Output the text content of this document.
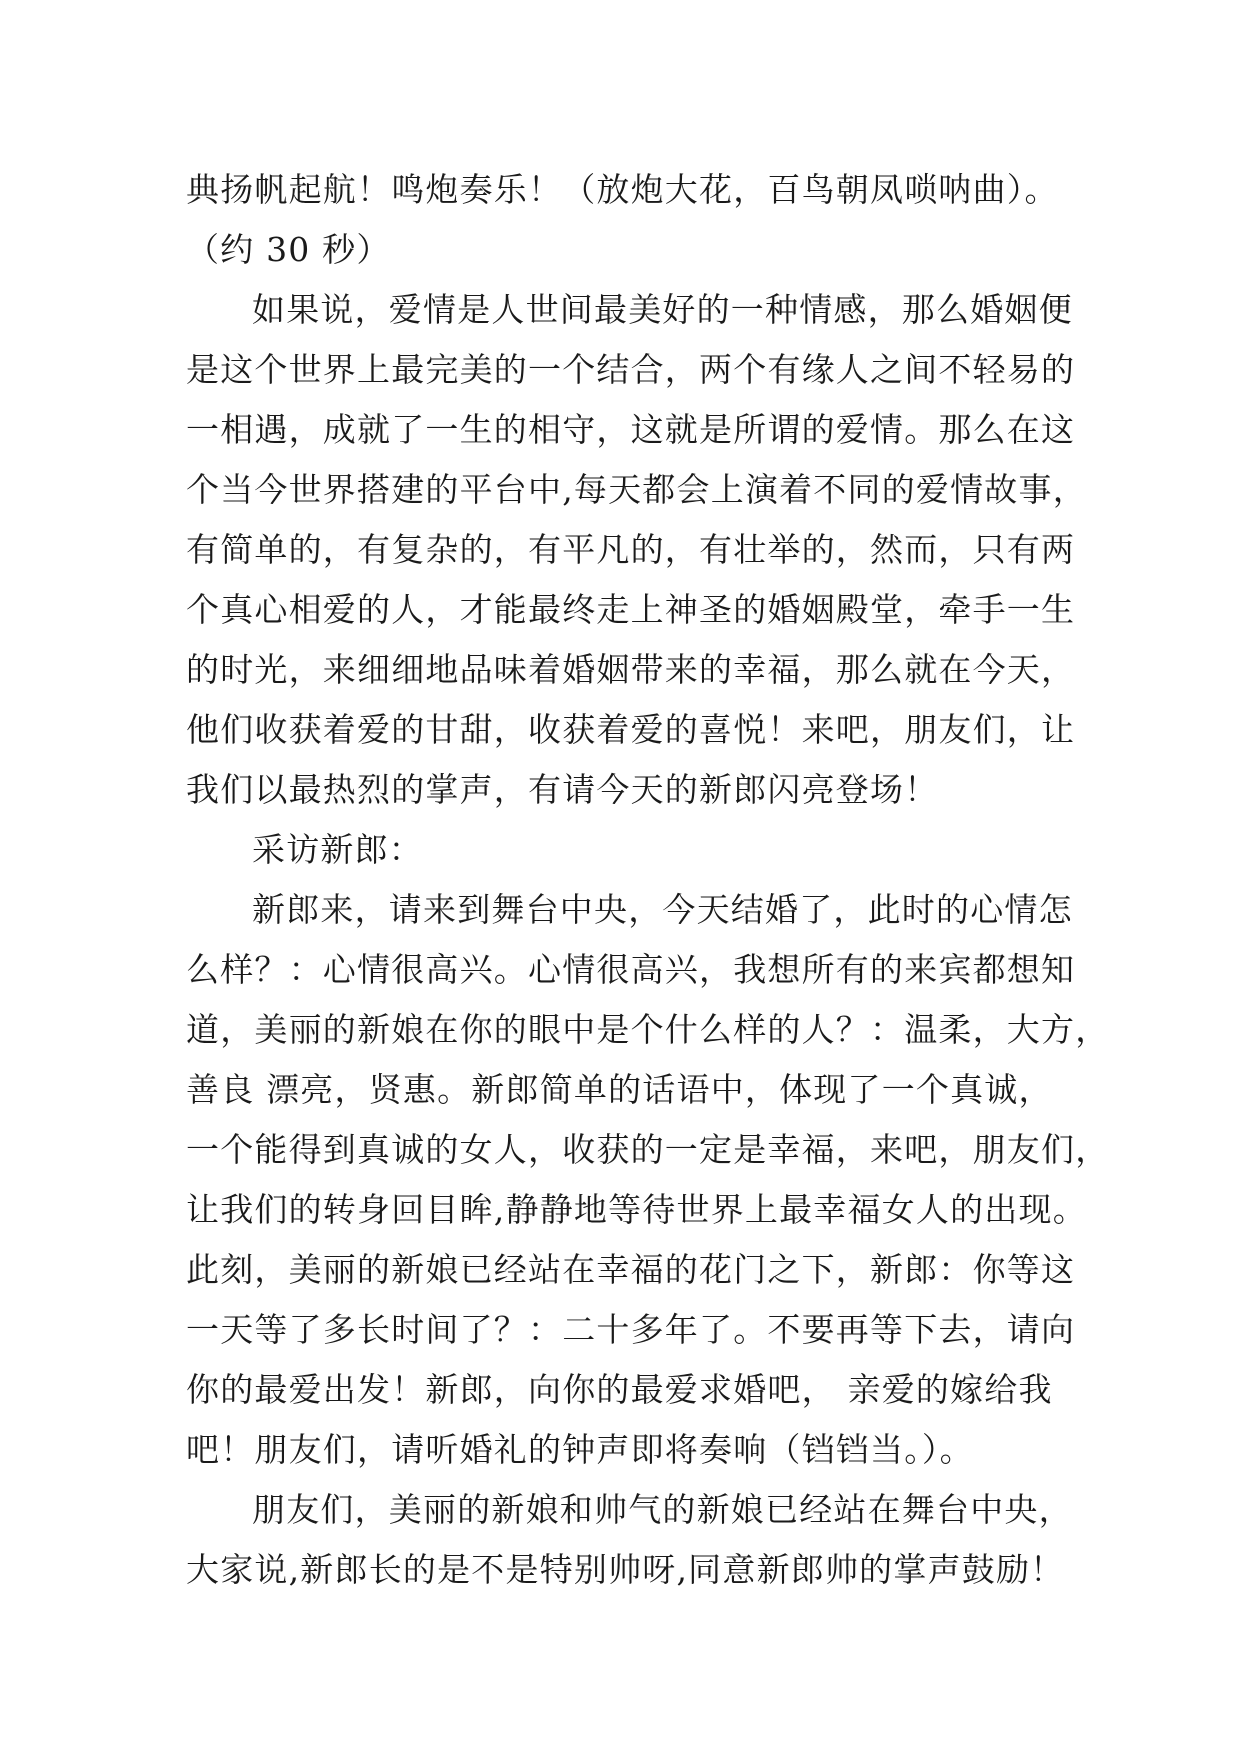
典扬帆起航！鸣炮奏乐！（放炮大花，百鸟朝凤唢呐曲）。
（约 30 秒）
如果说，爱情是人世间最美好的一种情感，那么婚姻便
是这个世界上最完美的一个结合，两个有缘人之间不轻易的
一相遇，成就了一生的相守，这就是所谓的爱情。那么在这
个当今世界搭建的平台中,每天都会上演着不同的爱情故事，
有简单的，有复杂的，有平凡的，有壮举的，然而，只有两
个真心相爱的人，才能最终走上神圣的婚姻殿堂，牵手一生
的时光，来细细地品味着婚姻带来的幸福，那么就在今天，
他们收获着爱的甘甜，收获着爱的喜悦！来吧，朋友们，让
我们以最热烈的掌声，有请今天的新郎闪亮登场！
采访新郎：
新郎来，请来到舞台中央，今天结婚了，此时的心情怎
么样？：心情很高兴。心情很高兴，我想所有的来宾都想知
道，美丽的新娘在你的眼中是个什么样的人？：温柔，大方，
善良 漂亮，贤惠。新郎简单的话语中，体现了一个真诚，
一个能得到真诚的女人，收获的一定是幸福，来吧，朋友们，
让我们的转身回目眸,静静地等待世界上最幸福女人的出现。
此刻，美丽的新娘已经站在幸福的花门之下，新郎：你等这
一天等了多长时间了？：二十多年了。不要再等下去，请向
你的最爱出发！新郎，向你的最爱求婚吧， 亲爱的嫁给我
吧！朋友们，请听婚礼的钟声即将奏响（铛铛当。）。
朋友们，美丽的新娘和帅气的新娘已经站在舞台中央，
大家说,新郎长的是不是特别帅呀,同意新郎帅的掌声鼓励！
